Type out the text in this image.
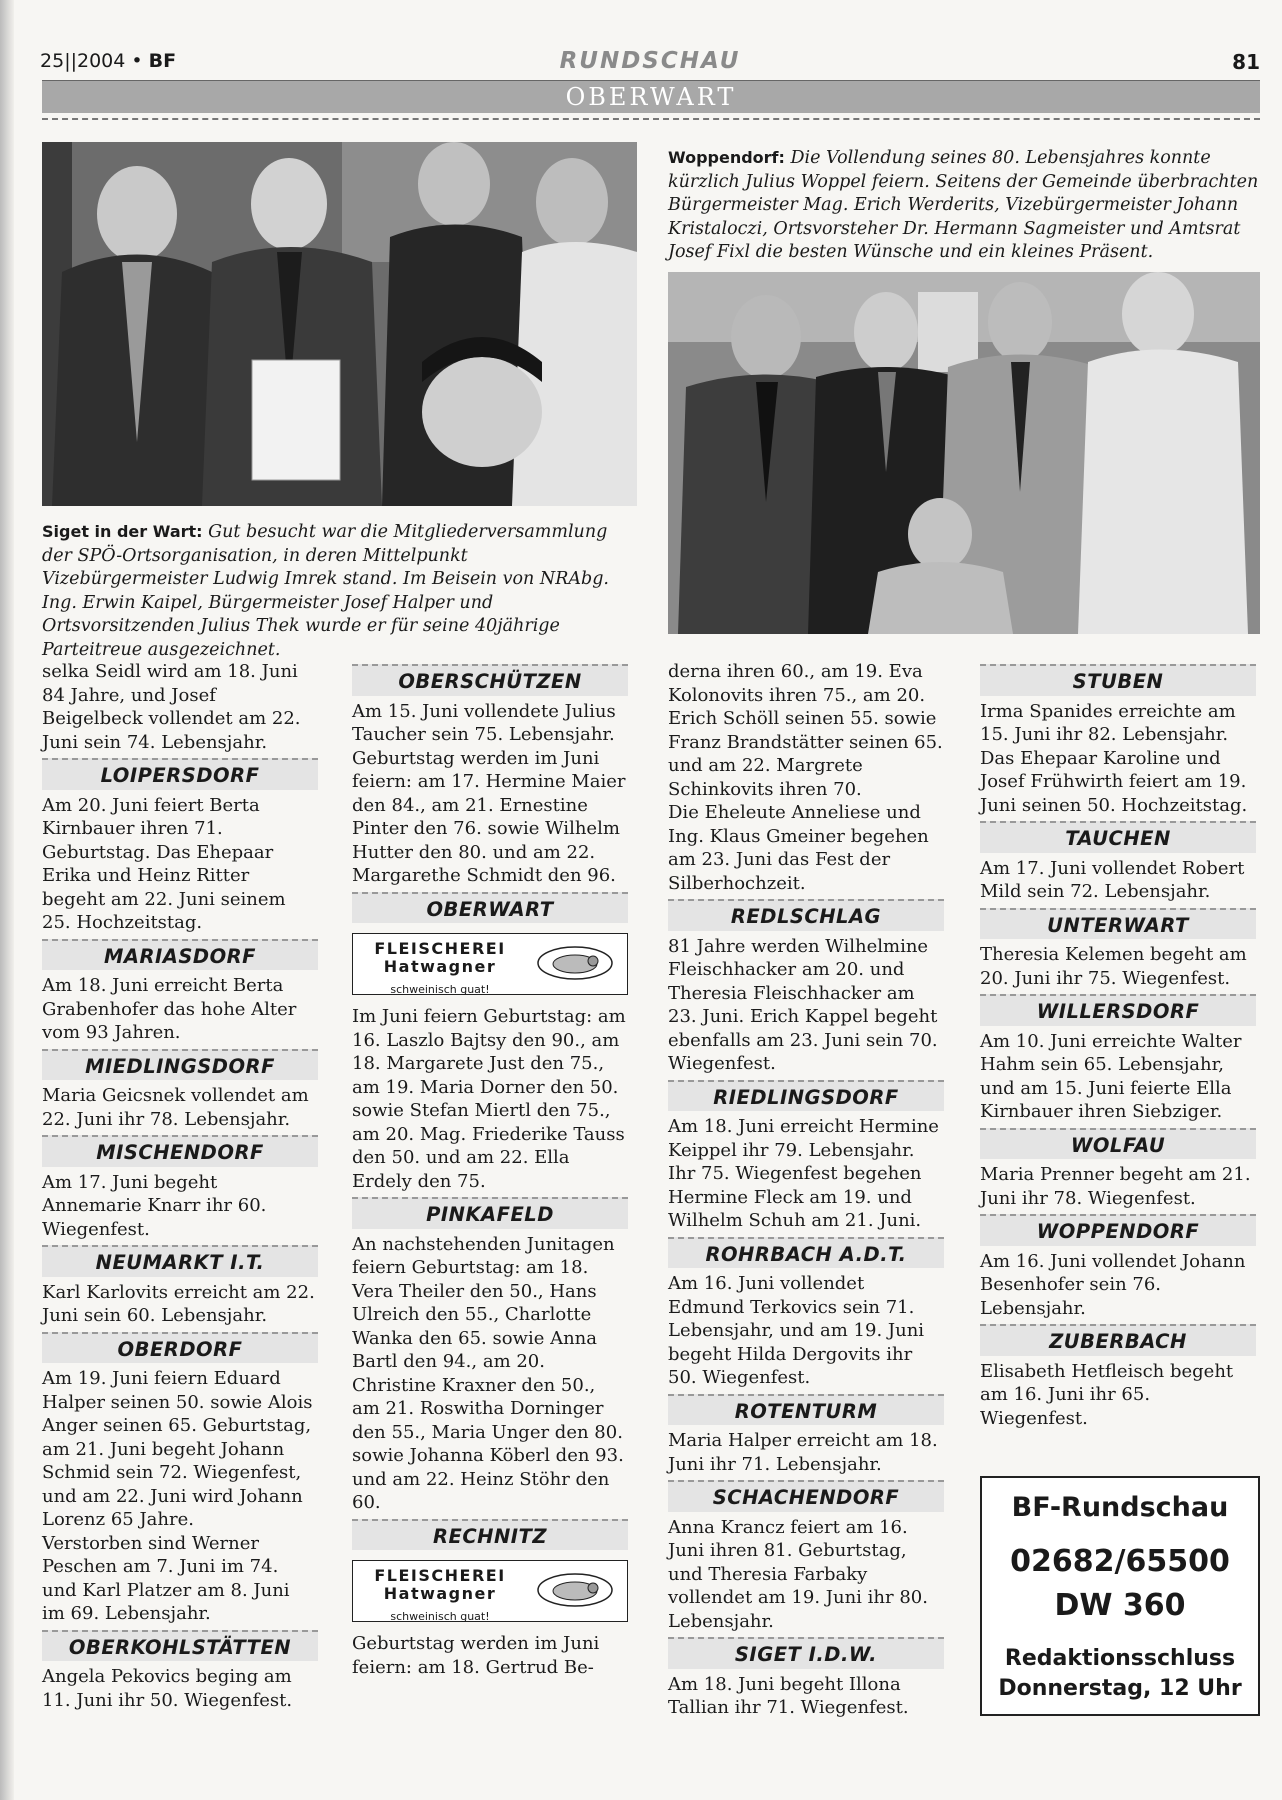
25||2004 • BF	RUNDSCHAU	81
OBERWART
Siget in der Wart: Gut besucht war die Mitgliederversammlung der SPÖ-Ortsorganisation, in deren Mittelpunkt Vizebürgermeister Ludwig Imrek stand. Im Beisein von NRAbg. Ing. Erwin Kaipel, Bürgermeister Josef Halper und Ortsvorsitzenden Julius Thek wurde er für seine 40jährige Parteitreue ausgezeichnet.
Woppendorf: Die Vollendung seines 80. Lebensjahres konnte kürzlich Julius Woppel feiern. Seitens der Gemeinde überbrachten Bürgermeister Mag. Erich Werderits, Vizebürgermeister Johann Kristaloczi, Ortsvorsteher Dr. Hermann Sagmeister und Amtsrat Josef Fixl die besten Wünsche und ein kleines Präsent.

selka Seidl wird am 18. Juni 84 Jahre, und Josef Beigelbeck vollendet am 22. Juni sein 74. Lebensjahr.

LOIPERSDORF

Am 20. Juni feiert Berta Kirnbauer ihren 71. Geburtstag. Das Ehepaar Erika und Heinz Ritter begeht am 22. Juni seinem 25. Hochzeitstag.

MARIASDORF

Am 18. Juni erreicht Berta Grabenhofer das hohe Alter vom 93 Jahren.

MIEDLINGSDORF

Maria Geicsnek vollendet am 22. Juni ihr 78. Lebensjahr.

MISCHENDORF

Am 17. Juni begeht Annemarie Knarr ihr 60. Wiegenfest.

NEUMARKT I.T.

Karl Karlovits erreicht am 22. Juni sein 60. Lebensjahr.

OBERDORF

Am 19. Juni feiern Eduard Halper seinen 50. sowie Alois Anger seinen 65. Geburtstag, am 21. Juni begeht Johann Schmid sein 72. Wiegenfest, und am 22. Juni wird Johann Lorenz 65 Jahre.

Verstorben sind Werner Peschen am 7. Juni im 74. und Karl Platzer am 8. Juni im 69. Lebensjahr.

OBERKOHLSTÄTTEN

Angela Pekovics beging am 11. Juni ihr 50. Wiegenfest.

OBERSCHÜTZEN

Am 15. Juni vollendete Julius Taucher sein 75. Lebensjahr. Geburtstag werden im Juni feiern: am 17. Hermine Maier den 84., am 21. Ernestine Pinter den 76. sowie Wilhelm Hutter den 80. und am 22. Margarethe Schmidt den 96.

OBERWART
FLEISCHEREI
Hatwagner
schweinisch guat!

Im Juni feiern Geburtstag: am 16. Laszlo Bajtsy den 90., am 18. Margarete Just den 75., am 19. Maria Dorner den 50. sowie Stefan Miertl den 75., am 20. Mag. Friederike Tauss den 50. und am 22. Ella Erdely den 75.

PINKAFELD

An nachstehenden Junitagen feiern Geburtstag: am 18. Vera Theiler den 50., Hans Ulreich den 55., Charlotte Wanka den 65. sowie Anna Bartl den 94., am 20. Christine Kraxner den 50., am 21. Roswitha Dorninger den 55., Maria Unger den 80. sowie Johanna Köberl den 93. und am 22. Heinz Stöhr den 60.

RECHNITZ
FLEISCHEREI
Hatwagner
schweinisch guat!

Geburtstag werden im Juni feiern: am 18. Gertrud Be-

derna ihren 60., am 19. Eva Kolonovits ihren 75., am 20. Erich Schöll seinen 55. sowie Franz Brandstätter seinen 65. und am 22. Margrete Schinkovits ihren 70.

Die Eheleute Anneliese und Ing. Klaus Gmeiner begehen am 23. Juni das Fest der Silberhochzeit.

REDLSCHLAG

81 Jahre werden Wilhelmine Fleischhacker am 20. und Theresia Fleischhacker am 23. Juni. Erich Kappel begeht ebenfalls am 23. Juni sein 70. Wiegenfest.

RIEDLINGSDORF

Am 18. Juni erreicht Hermine Keippel ihr 79. Lebensjahr. Ihr 75. Wiegenfest begehen Hermine Fleck am 19. und Wilhelm Schuh am 21. Juni.

ROHRBACH A.D.T.

Am 16. Juni vollendet Edmund Terkovics sein 71. Lebensjahr, und am 19. Juni begeht Hilda Dergovits ihr 50. Wiegenfest.

ROTENTURM

Maria Halper erreicht am 18. Juni ihr 71. Lebensjahr.

SCHACHENDORF

Anna Krancz feiert am 16. Juni ihren 81. Geburtstag, und Theresia Farbaky vollendet am 19. Juni ihr 80. Lebensjahr.

SIGET I.D.W.

Am 18. Juni begeht Illona Tallian ihr 71. Wiegenfest.

STUBEN

Irma Spanides erreichte am 15. Juni ihr 82. Lebensjahr. Das Ehepaar Karoline und Josef Frühwirth feiert am 19. Juni seinen 50. Hochzeitstag.

TAUCHEN

Am 17. Juni vollendet Robert Mild sein 72. Lebensjahr.

UNTERWART

Theresia Kelemen begeht am 20. Juni ihr 75. Wiegenfest.

WILLERSDORF

Am 10. Juni erreichte Walter Hahm sein 65. Lebensjahr, und am 15. Juni feierte Ella Kirnbauer ihren Siebziger.

WOLFAU

Maria Prenner begeht am 21. Juni ihr 78. Wiegenfest.

WOPPENDORF

Am 16. Juni vollendet Johann Besenhofer sein 76. Lebensjahr.

ZUBERBACH

Elisabeth Hetfleisch begeht am 16. Juni ihr 65. Wiegenfest.

BF-Rundschau
02682/65500
DW 360
Redaktionsschluss
Donnerstag, 12 Uhr
